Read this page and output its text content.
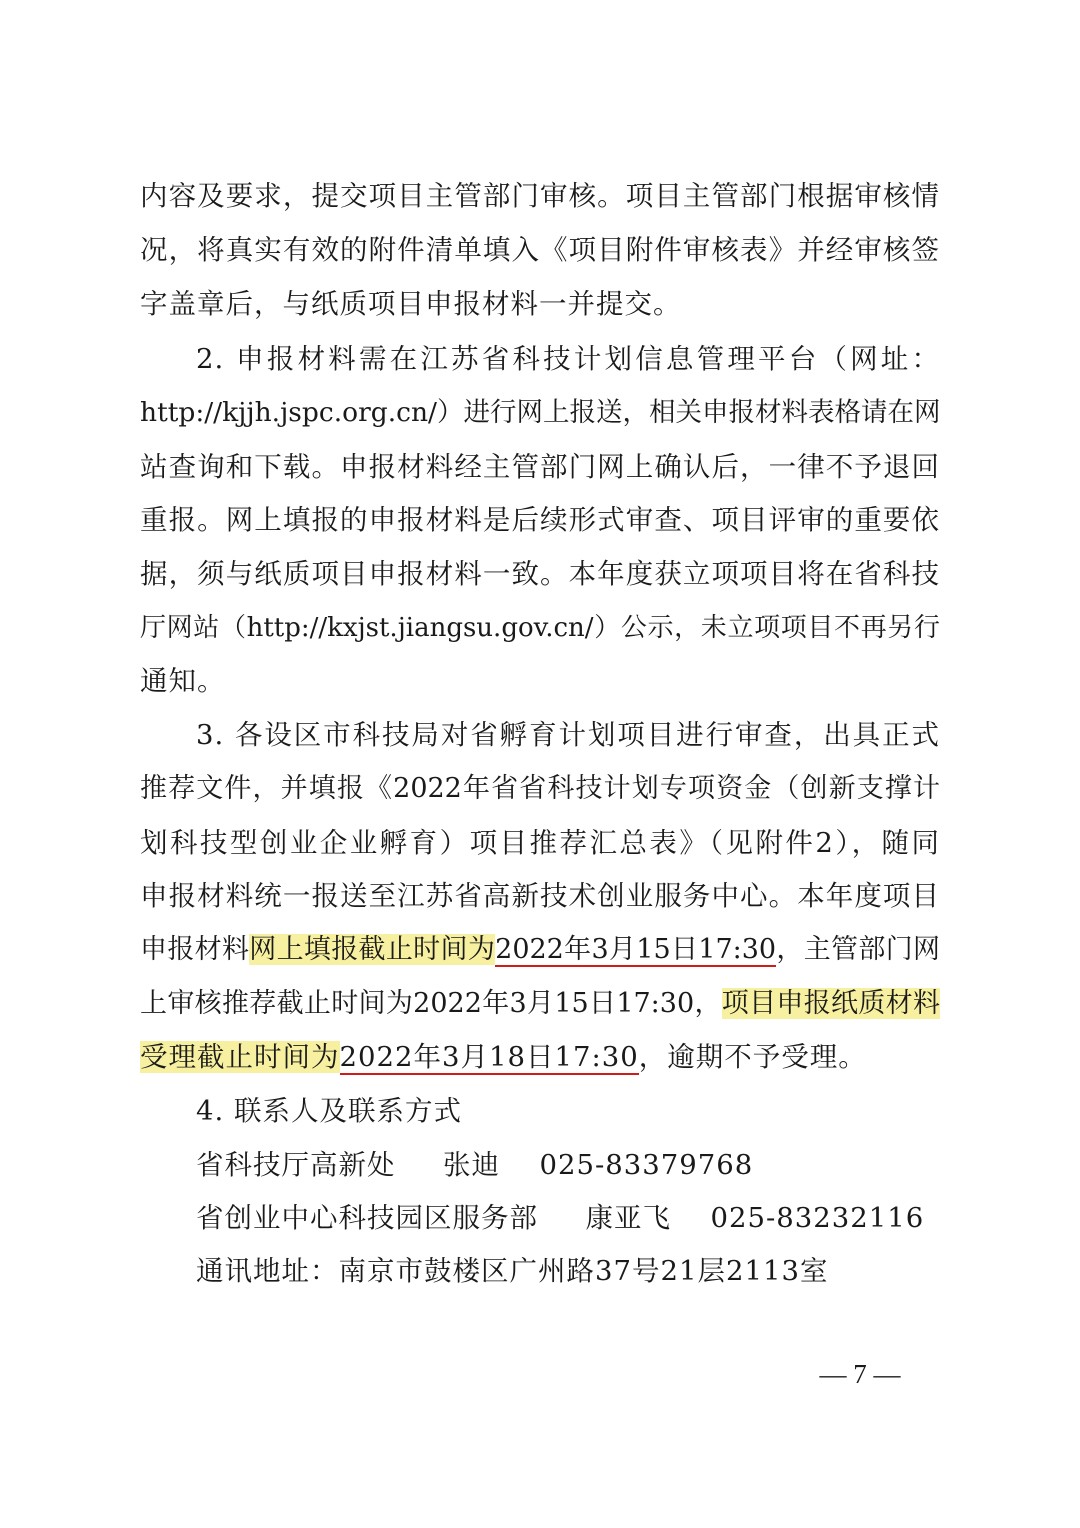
内容及要求，提交项目主管部门审核。项目主管部门根据审核情
况，将真实有效的附件清单填入《项目附件审核表》并经审核签
字盖章后，与纸质项目申报材料一并提交。
2. 申报材料需在江苏省科技计划信息管理平台（网址：
http://kjjh.jspc.org.cn/）进行网上报送，相关申报材料表格请在网
站查询和下载。申报材料经主管部门网上确认后，一律不予退回
重报。网上填报的申报材料是后续形式审查、项目评审的重要依
据，须与纸质项目申报材料一致。本年度获立项项目将在省科技
厅网站（http://kxjst.jiangsu.gov.cn/）公示，未立项项目不再另行
通知。
3. 各设区市科技局对省孵育计划项目进行审查，出具正式
推荐文件，并填报《2022年省省科技计划专项资金（创新支撑计
划科技型创业企业孵育）项目推荐汇总表》（见附件2），随同
申报材料统一报送至江苏省高新技术创业服务中心。本年度项目
申报材料网上填报截止时间为2022年3月15日17:30，主管部门网
上审核推荐截止时间为2022年3月15日17:30，项目申报纸质材料
受理截止时间为2022年3月18日17:30，逾期不予受理。
4. 联系人及联系方式
省科技厅高新处 张迪 025-83379768
省创业中心科技园区服务部 康亚飞 025-83232116
通讯地址：南京市鼓楼区广州路37号21层2113室
— 7 —
